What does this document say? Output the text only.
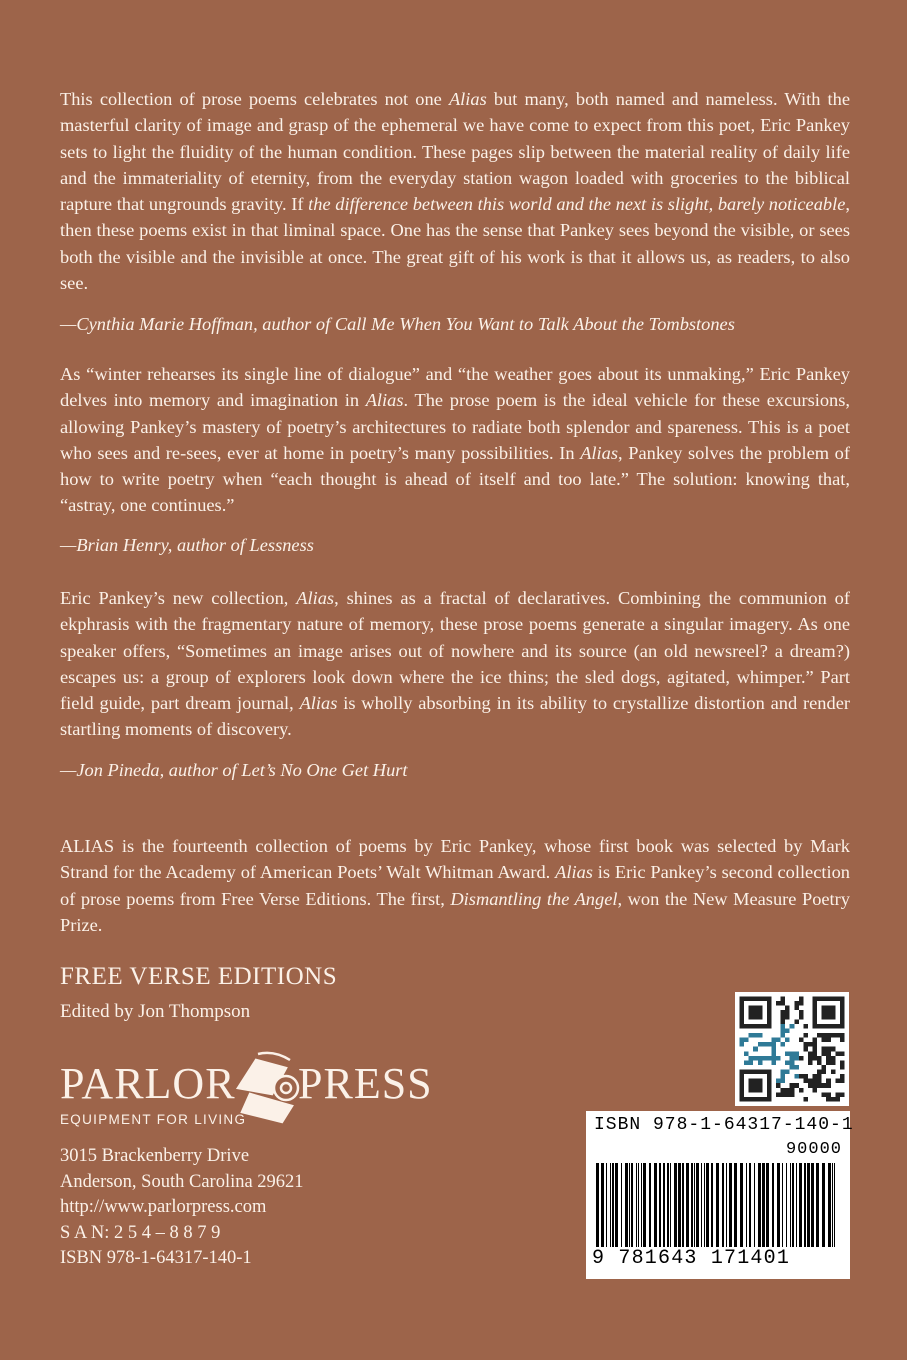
This collection of prose poems celebrates not one Alias but many, both named and nameless. With the masterful clarity of image and grasp of the ephemeral we have come to expect from this poet, Eric Pankey sets to light the fluidity of the human condition. These pages slip between the material reality of daily life and the immateriality of eternity, from the everyday station wagon loaded with groceries to the biblical rapture that ungrounds gravity. If the difference between this world and the next is slight, barely noticeable, then these poems exist in that liminal space. One has the sense that Pankey sees beyond the visible, or sees both the visible and the invisible at once. The great gift of his work is that it allows us, as readers, to also see.

—Cynthia Marie Hoffman, author of Call Me When You Want to Talk About the Tombstones

As “winter rehearses its single line of dialogue” and “the weather goes about its unmaking,” Eric Pankey delves into memory and imagination in Alias. The prose poem is the ideal vehicle for these excursions, allowing Pankey’s mastery of poetry’s architectures to radiate both splendor and spareness. This is a poet who sees and re-sees, ever at home in poetry’s many possibilities. In Alias, Pankey solves the problem of how to write poetry when “each thought is ahead of itself and too late.” The solution: knowing that, “astray, one continues.”

—Brian Henry, author of Lessness

Eric Pankey’s new collection, Alias, shines as a fractal of declaratives. Combining the communion of ekphrasis with the fragmentary nature of memory, these prose poems generate a singular imagery. As one speaker offers, “Sometimes an image arises out of nowhere and its source (an old newsreel? a dream?) escapes us: a group of explorers look down where the ice thins; the sled dogs, agitated, whimper.” Part field guide, part dream journal, Alias is wholly absorbing in its ability to crystallize distortion and render startling moments of discovery.

—Jon Pineda, author of Let’s No One Get Hurt

ALIAS is the fourteenth collection of poems by Eric Pankey, whose first book was selected by Mark Strand for the Academy of American Poets’ Walt Whitman Award. Alias is Eric Pankey’s second collection of prose poems from Free Verse Editions. The first, Dismantling the Angel, won the New Measure Poetry Prize.

FREE VERSE EDITIONS
Edited by Jon Thompson
PARLOR PRESS
EQUIPMENT FOR LIVING
3015 Brackenberry Drive
Anderson, South Carolina 29621
http://www.parlorpress.com
S A N: 2 5 4 – 8 8 7 9
ISBN 978-1-64317-140-1
ISBN 978-1-64317-140-1
90000
9 781643 171401
